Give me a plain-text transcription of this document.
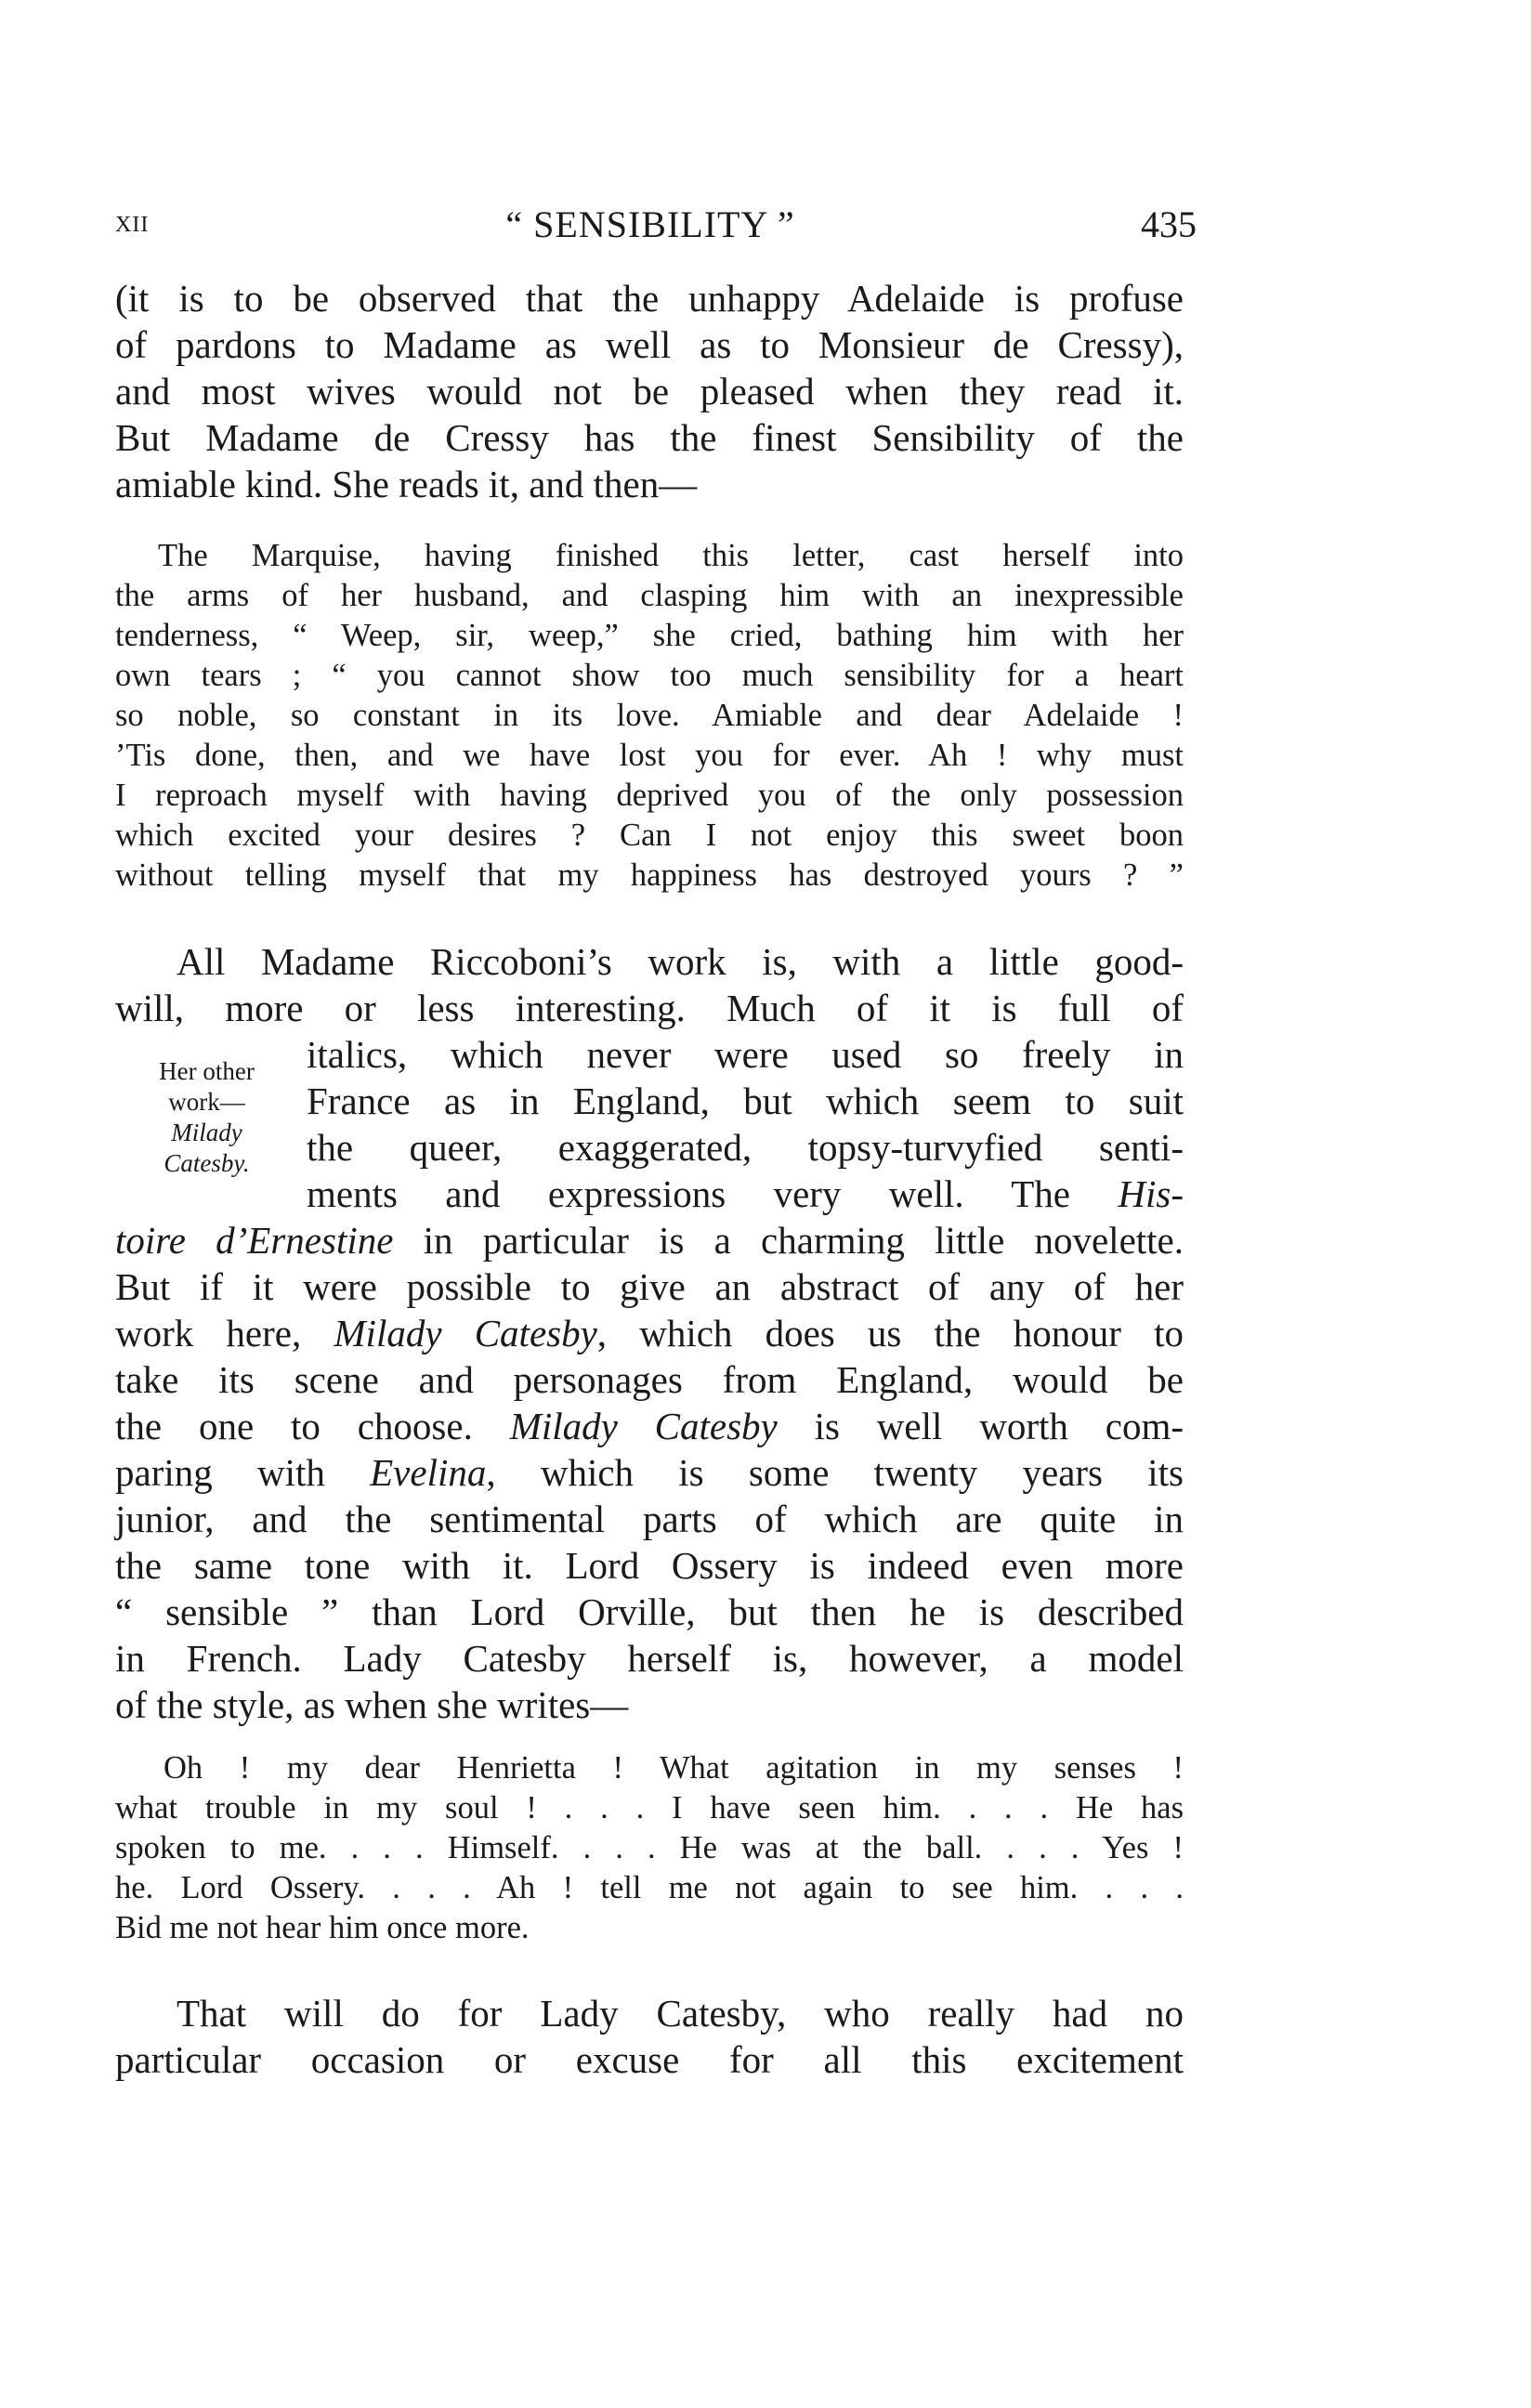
XII	“ SENSIBILITY ”	435
(it is to be observed that the unhappy Adelaide is profuse
of pardons to Madame as well as to Monsieur de Cressy),
and most wives would not be pleased when they read it.
But Madame de Cressy has the finest Sensibility of the
amiable kind. She reads it, and then—
The Marquise, having finished this letter, cast herself into
the arms of her husband, and clasping him with an inexpressible
tenderness, “ Weep, sir, weep,” she cried, bathing him with her
own tears ; “ you cannot show too much sensibility for a heart
so noble, so constant in its love. Amiable and dear Adelaide !
’Tis done, then, and we have lost you for ever. Ah ! why must
I reproach myself with having deprived you of the only possession
which excited your desires ? Can I not enjoy this sweet boon
without telling myself that my happiness has destroyed yours ? ”
All Madame Riccoboni’s work is, with a little good-
will, more or less interesting. Much of it is full of
italics, which never were used so freely in
France as in England, but which seem to suit
the queer, exaggerated, topsy-turvyfied senti-
ments and expressions very well. The His-
toire d’Ernestine in particular is a charming little novelette.
But if it were possible to give an abstract of any of her
work here, Milady Catesby, which does us the honour to
take its scene and personages from England, would be
the one to choose. Milady Catesby is well worth com-
paring with Evelina, which is some twenty years its
junior, and the sentimental parts of which are quite in
the same tone with it. Lord Ossery is indeed even more
“ sensible ” than Lord Orville, but then he is described
in French. Lady Catesby herself is, however, a model
of the style, as when she writes—
Her other
work—
Milady
Catesby.
Oh ! my dear Henrietta ! What agitation in my senses !
what trouble in my soul ! . . . I have seen him. . . . He has
spoken to me. . . . Himself. . . . He was at the ball. . . . Yes !
he. Lord Ossery. . . . Ah ! tell me not again to see him. . . .
Bid me not hear him once more.
That will do for Lady Catesby, who really had no
particular occasion or excuse for all this excitement
